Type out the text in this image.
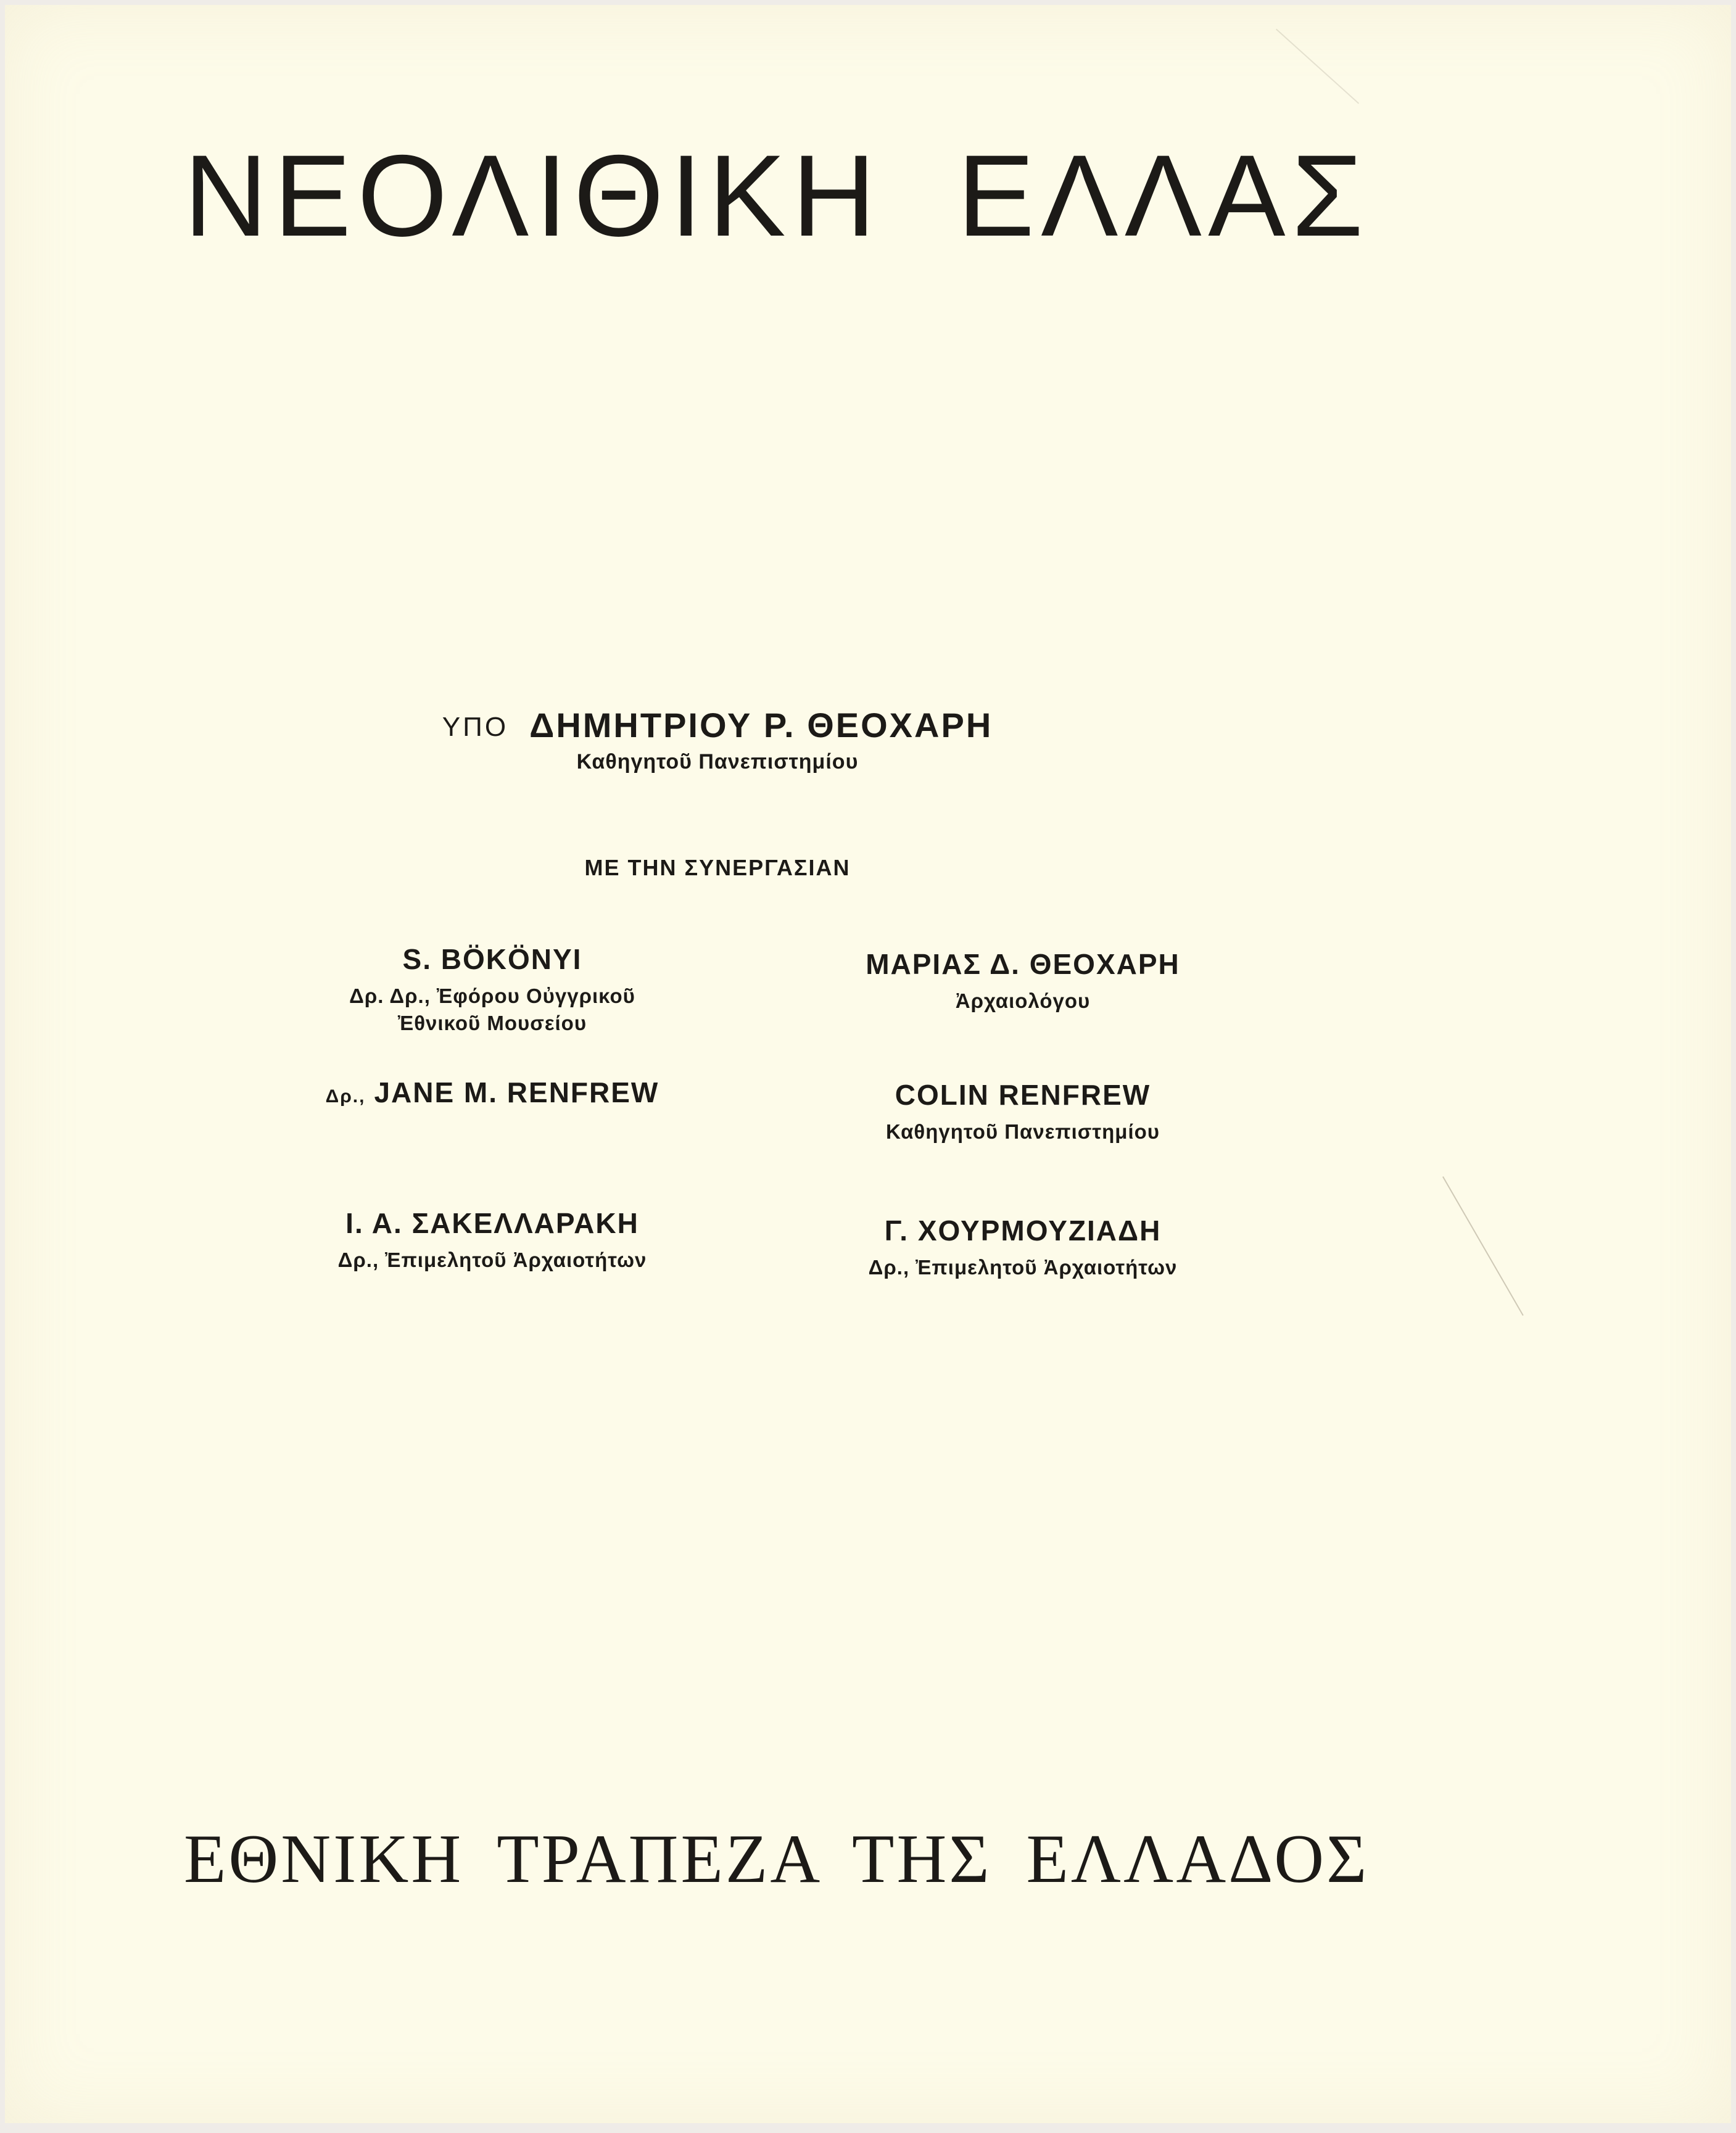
ΝΕΟΛΙΘΙΚΗ ΕΛΛΑΣ
ΥΠΟ ΔΗΜΗΤΡΙΟΥ Ρ. ΘΕΟΧΑΡΗ
Καθηγητοῦ Πανεπιστημίου
ΜΕ ΤΗΝ ΣΥΝΕΡΓΑΣΙΑΝ
S. BÖKÖNYI
Δρ. Δρ., Ἐφόρου Οὐγγρικοῦ
Ἐθνικοῦ Μουσείου
ΜΑΡΙΑΣ Δ. ΘΕΟΧΑΡΗ
Ἀρχαιολόγου
Δρ., JANE M. RENFREW	COLIN RENFREW
Καθηγητοῦ Πανεπιστημίου
Ι. Α. ΣΑΚΕΛΛΑΡΑΚΗ
Δρ., Ἐπιμελητοῦ Ἀρχαιοτήτων
Γ. ΧΟΥΡΜΟΥΖΙΑΔΗ
Δρ., Ἐπιμελητοῦ Ἀρχαιοτήτων
ΕΘΝΙΚΗ ΤΡΑΠΕΖΑ ΤΗΣ ΕΛΛΑΔΟΣ
